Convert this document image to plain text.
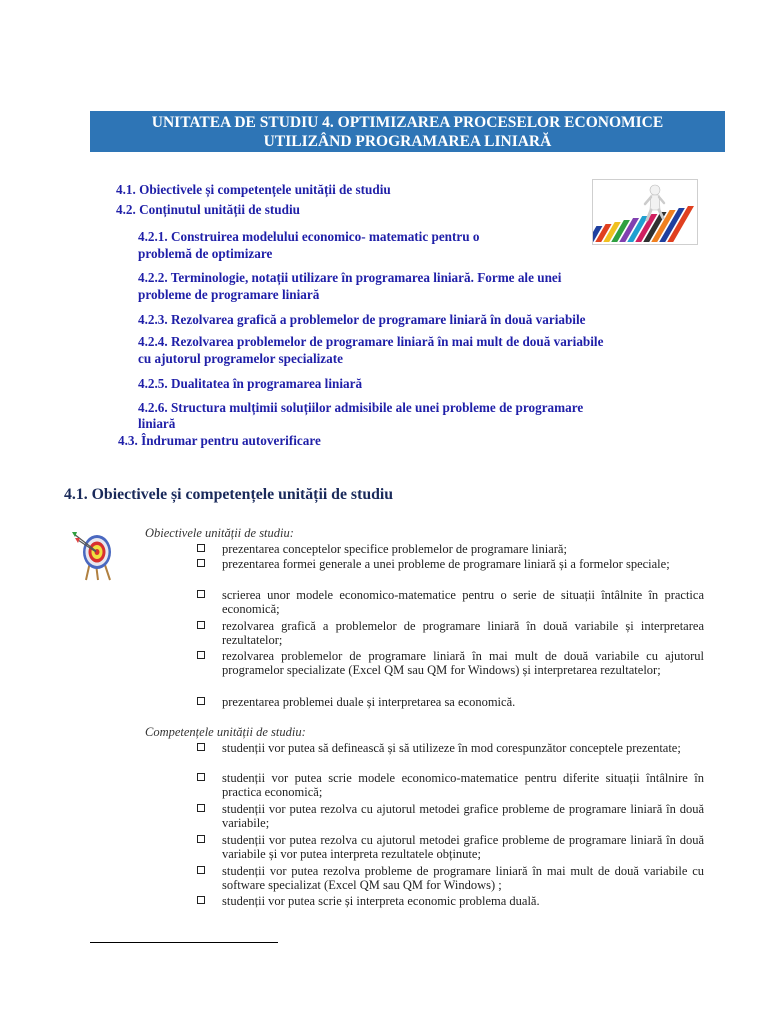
UNITATEA DE STUDIU 4. OPTIMIZAREA PROCESELOR ECONOMICE
UTILIZÂND PROGRAMAREA LINIARĂ
4.1. Obiectivele și competențele unității de studiu
4.2. Conținutul unității de studiu
4.2.1. Construirea modelului economico- matematic pentru o
problemă de optimizare
4.2.2. Terminologie, notații utilizare în programarea liniară. Forme ale unei
probleme de programare liniară
4.2.3. Rezolvarea grafică a problemelor de programare liniară în două variabile
4.2.4. Rezolvarea problemelor de programare liniară în mai mult de două variabile
cu ajutorul programelor specializate
4.2.5. Dualitatea în programarea liniară
4.2.6. Structura mulțimii soluțiilor admisibile ale unei probleme de programare
liniară
4.3. Îndrumar pentru autoverificare
4.1. Obiectivele și competențele unității de studiu
Obiectivele unității de studiu:
prezentarea conceptelor specifice problemelor de programare liniară;
prezentarea formei generale a unei probleme de programare liniară și a formelor speciale;
scrierea unor modele economico-matematice pentru o serie de situații întâlnite în practica economică;
rezolvarea grafică a problemelor de programare liniară în două variabile și interpretarea rezultatelor;
rezolvarea problemelor de programare liniară în mai mult de două variabile cu ajutorul programelor specializate (Excel QM sau QM for Windows) și interpretarea rezultatelor;
prezentarea problemei duale și interpretarea sa economică.
Competențele unității de studiu:
studenții vor putea să definească și să utilizeze în mod corespunzător conceptele prezentate;
studenții vor putea scrie modele economico-matematice pentru diferite situații întâlnire în practica economică;
studenții vor putea rezolva cu ajutorul metodei grafice probleme de programare liniară în două variabile;
studenții vor putea rezolva cu ajutorul metodei grafice probleme de programare liniară în două variabile și vor putea interpreta rezultatele obținute;
studenții vor putea rezolva probleme de programare liniară în mai mult de două variabile cu software specializat (Excel QM sau QM for Windows) ;
studenții vor putea scrie și interpreta economic problema duală.
